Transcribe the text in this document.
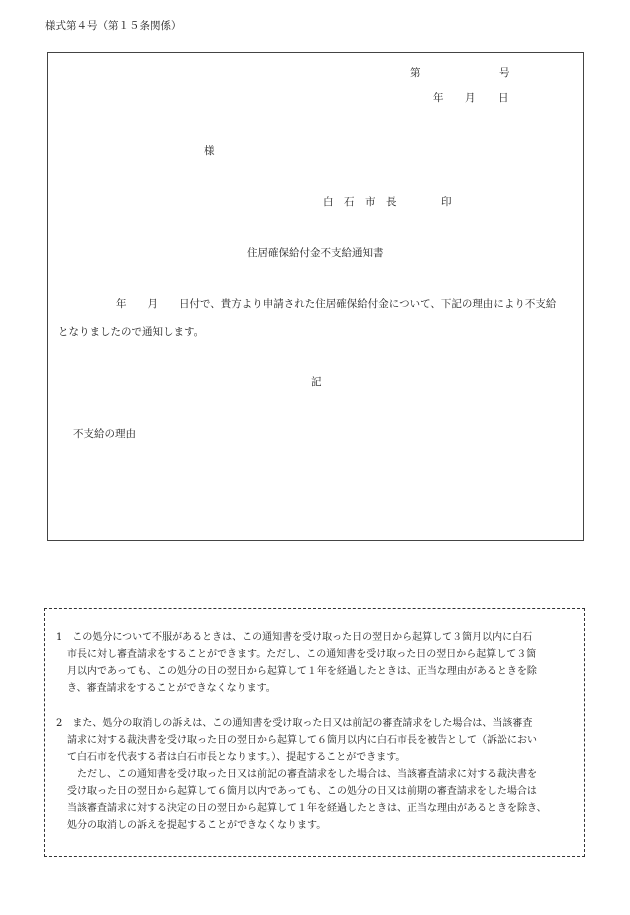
様式第４号（第１５条関係）
第	号
年 月 日
様
白　石　市　長	印
住居確保給付金不支給通知書
年　　月　　日付で、貴方より申請された住居確保給付金について、下記の理由により不支給
となりましたので通知します。
記
不支給の理由
1　この処分について不服があるときは、この通知書を受け取った日の翌日から起算して３箇月以内に白石
市長に対し審査請求をすることができます。ただし、この通知書を受け取った日の翌日から起算して３箇
月以内であっても、この処分の日の翌日から起算して１年を経過したときは、正当な理由があるときを除
き、審査請求をすることができなくなります。
2　また、処分の取消しの訴えは、この通知書を受け取った日又は前記の審査請求をした場合は、当該審査
請求に対する裁決書を受け取った日の翌日から起算して６箇月以内に白石市長を被告として（訴訟におい
て白石市を代表する者は白石市長となります。）、提起することができます。
ただし、この通知書を受け取った日又は前記の審査請求をした場合は、当該審査請求に対する裁決書を
受け取った日の翌日から起算して６箇月以内であっても、この処分の日又は前期の審査請求をした場合は
当該審査請求に対する決定の日の翌日から起算して１年を経過したときは、正当な理由があるときを除き、
処分の取消しの訴えを提起することができなくなります。
